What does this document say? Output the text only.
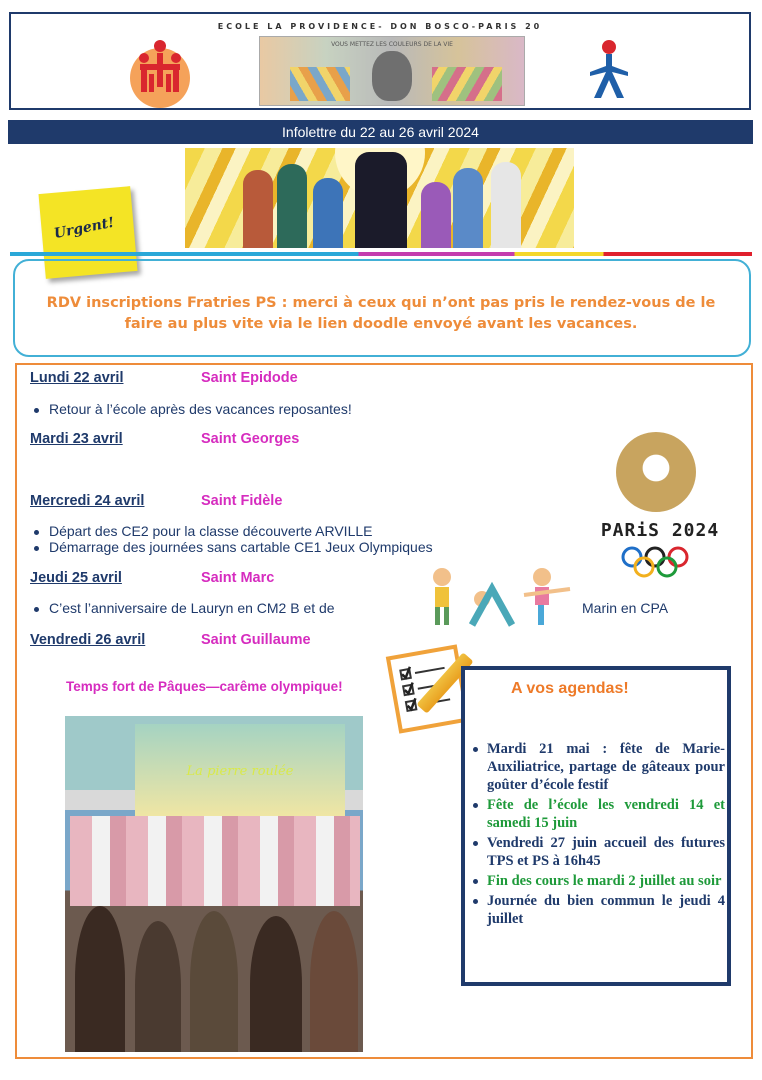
ECOLE LA PROVIDENCE- DON BOSCO-PARIS 20
VOUS METTEZ LES COULEURS DE LA VIE
Infolettre du 22 au 26 avril 2024
Urgent!
RDV inscriptions Fratries PS : merci à ceux qui n’ont pas pris le rendez-vous de le faire au plus vite via le lien doodle envoyé avant les vacances.
Lundi 22 avril	Saint Epidode
Retour à l’école après des vacances reposantes!
Mardi 23 avril	Saint Georges
Mercredi 24 avril	Saint Fidèle
Départ des CE2 pour la classe découverte ARVILLE
Démarrage des journées sans cartable CE1 Jeux Olympiques
Jeudi 25 avril	Saint Marc
C’est l’anniversaire de Lauryn en CM2 B et de	Marin en CPA
Vendredi 26 avril	Saint Guillaume
PARiS 2024
Temps fort de Pâques—carême olympique!
La pierre roulée
A vos agendas!
Mardi 21 mai : fête de Marie-Auxiliatrice, partage de gâteaux pour goûter d’école festif
Fête de l’école les vendredi 14 et samedi 15 juin
Vendredi 27 juin accueil des futures TPS et PS à 16h45
Fin des cours le mardi 2 juillet au soir
Journée du bien commun le jeudi 4 juillet
